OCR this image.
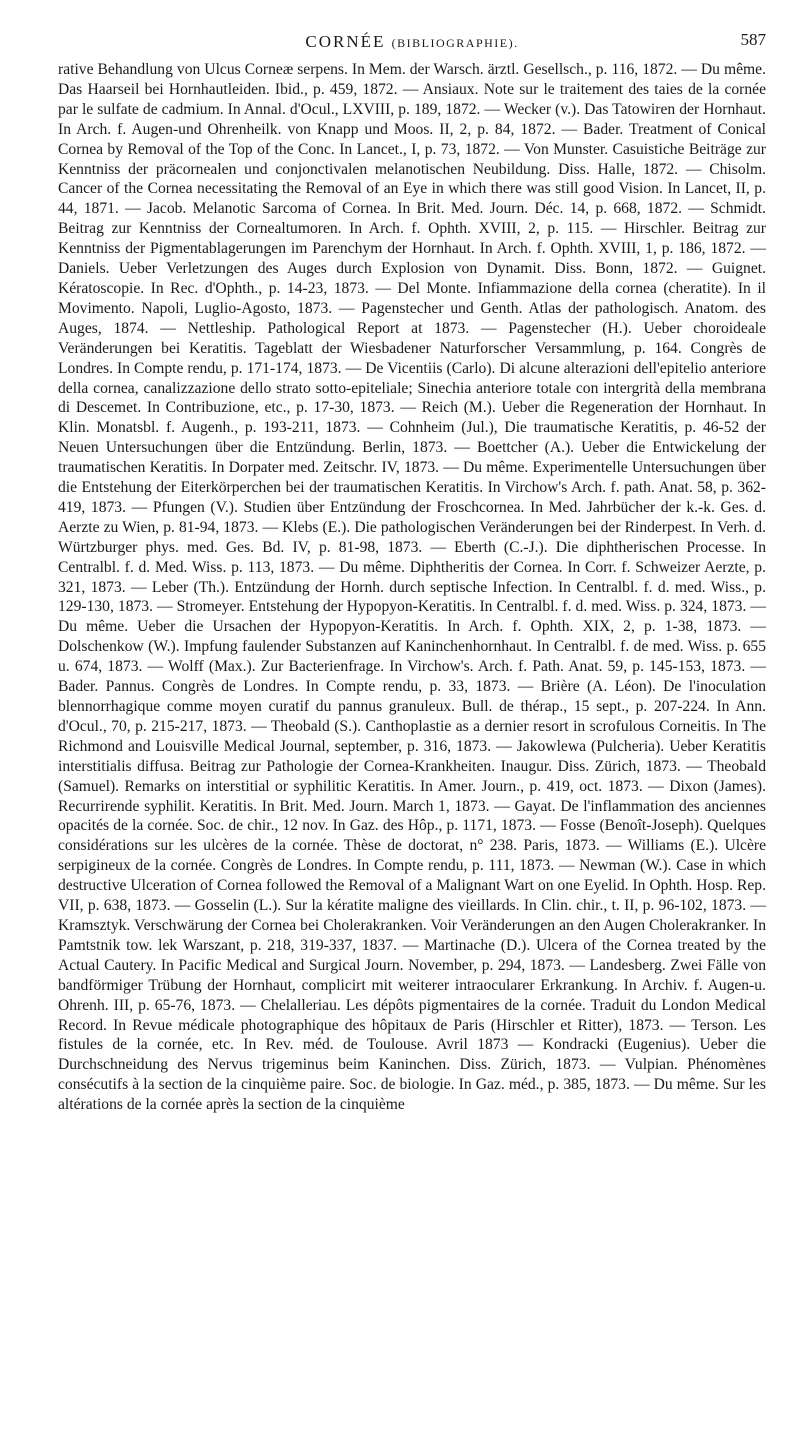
CORNÉE (BIBLIOGRAPHIE).	587

rative Behandlung von Ulcus Corneæ serpens. In Mem. der Warsch. ärztl. Gesellsch., p. 116, 1872. — Du même. Das Haarseil bei Hornhautleiden. Ibid., p. 459, 1872. — Ansiaux. Note sur le traitement des taies de la cornée par le sulfate de cadmium. In Annal. d'Ocul., LXVIII, p. 189, 1872. — Wecker (v.). Das Tatowiren der Hornhaut. In Arch. f. Augen-und Ohrenheilk. von Knapp und Moos. II, 2, p. 84, 1872. — Bader. Treatment of Conical Cornea by Removal of the Top of the Conc. In Lancet., I, p. 73, 1872. — Von Munster. Casuistiche Beiträge zur Kenntniss der präcornealen und conjonctivalen melanotischen Neubildung. Diss. Halle, 1872. — Chisolm. Cancer of the Cornea necessitating the Removal of an Eye in which there was still good Vision. In Lancet, II, p. 44, 1871. — Jacob. Melanotic Sarcoma of Cornea. In Brit. Med. Journ. Déc. 14, p. 668, 1872. — Schmidt. Beitrag zur Kenntniss der Cornealtumoren. In Arch. f. Ophth. XVIII, 2, p. 115. — Hirschler. Beitrag zur Kenntniss der Pigmentablagerungen im Parenchym der Hornhaut. In Arch. f. Ophth. XVIII, 1, p. 186, 1872. — Daniels. Ueber Verletzungen des Auges durch Explosion von Dynamit. Diss. Bonn, 1872. — Guignet. Kératoscopie. In Rec. d'Ophth., p. 14-23, 1873. — Del Monte. Infiammazione della cornea (cheratite). In il Movimento. Napoli, Luglio-Agosto, 1873. — Pagenstecher und Genth. Atlas der pathologisch. Anatom. des Auges, 1874. — Nettleship. Pathological Report at 1873. — Pagenstecher (H.). Ueber choroideale Veränderungen bei Keratitis. Tageblatt der Wiesbadener Naturforscher Versammlung, p. 164. Congrès de Londres. In Compte rendu, p. 171-174, 1873. — De Vicentiis (Carlo). Di alcune alterazioni dell'epitelio anteriore della cornea, canalizzazione dello strato sotto-epiteliale; Sinechia anteriore totale con intergrità della membrana di Descemet. In Contribuzione, etc., p. 17-30, 1873. — Reich (M.). Ueber die Regeneration der Hornhaut. In Klin. Monatsbl. f. Augenh., p. 193-211, 1873. — Cohnheim (Jul.), Die traumatische Keratitis, p. 46-52 der Neuen Untersuchungen über die Entzündung. Berlin, 1873. — Boettcher (A.). Ueber die Entwickelung der traumatischen Keratitis. In Dorpater med. Zeitschr. IV, 1873. — Du même. Experimentelle Untersuchungen über die Entstehung der Eiterkörperchen bei der traumatischen Keratitis. In Virchow's Arch. f. path. Anat. 58, p. 362-419, 1873. — Pfungen (V.). Studien über Entzündung der Froschcornea. In Med. Jahrbücher der k.-k. Ges. d. Aerzte zu Wien, p. 81-94, 1873. — Klebs (E.). Die pathologischen Veränderungen bei der Rinderpest. In Verh. d. Würtzburger phys. med. Ges. Bd. IV, p. 81-98, 1873. — Eberth (C.-J.). Die diphtherischen Processe. In Centralbl. f. d. Med. Wiss. p. 113, 1873. — Du même. Diphtheritis der Cornea. In Corr. f. Schweizer Aerzte, p. 321, 1873. — Leber (Th.). Entzündung der Hornh. durch septische Infection. In Centralbl. f. d. med. Wiss., p. 129-130, 1873. — Stromeyer. Entstehung der Hypopyon-Keratitis. In Centralbl. f. d. med. Wiss. p. 324, 1873. — Du même. Ueber die Ursachen der Hypopyon-Keratitis. In Arch. f. Ophth. XIX, 2, p. 1-38, 1873. — Dolschenkow (W.). Impfung faulender Substanzen auf Kaninchenhornhaut. In Centralbl. f. de med. Wiss. p. 655 u. 674, 1873. — Wolff (Max.). Zur Bacterienfrage. In Virchow's. Arch. f. Path. Anat. 59, p. 145-153, 1873. — Bader. Pannus. Congrès de Londres. In Compte rendu, p. 33, 1873. — Brière (A. Léon). De l'inoculation blennorrhagique comme moyen curatif du pannus granuleux. Bull. de thérap., 15 sept., p. 207-224. In Ann. d'Ocul., 70, p. 215-217, 1873. — Theobald (S.). Canthoplastie as a dernier resort in scrofulous Corneitis. In The Richmond and Louisville Medical Journal, september, p. 316, 1873. — Jakowlewa (Pulcheria). Ueber Keratitis interstitialis diffusa. Beitrag zur Pathologie der Cornea-Krankheiten. Inaugur. Diss. Zürich, 1873. — Theobald (Samuel). Remarks on interstitial or syphilitic Keratitis. In Amer. Journ., p. 419, oct. 1873. — Dixon (James). Recurrirende syphilit. Keratitis. In Brit. Med. Journ. March 1, 1873. — Gayat. De l'inflammation des anciennes opacités de la cornée. Soc. de chir., 12 nov. In Gaz. des Hôp., p. 1171, 1873. — Fosse (Benoît-Joseph). Quelques considérations sur les ulcères de la cornée. Thèse de doctorat, n° 238. Paris, 1873. — Williams (E.). Ulcère serpigineux de la cornée. Congrès de Londres. In Compte rendu, p. 111, 1873. — Newman (W.). Case in which destructive Ulceration of Cornea followed the Removal of a Malignant Wart on one Eyelid. In Ophth. Hosp. Rep. VII, p. 638, 1873. — Gosselin (L.). Sur la kératite maligne des vieillards. In Clin. chir., t. II, p. 96-102, 1873. — Kramsztyk. Verschwärung der Cornea bei Cholerakranken. Voir Veränderungen an den Augen Cholerakranker. In Pamtstnik tow. lek Warszant, p. 218, 319-337, 1837. — Martinache (D.). Ulcera of the Cornea treated by the Actual Cautery. In Pacific Medical and Surgical Journ. November, p. 294, 1873. — Landesberg. Zwei Fälle von bandförmiger Trübung der Hornhaut, complicirt mit weiterer intraocularer Erkrankung. In Archiv. f. Augen-u. Ohrenh. III, p. 65-76, 1873. — Chelalleriau. Les dépôts pigmentaires de la cornée. Traduit du London Medical Record. In Revue médicale photographique des hôpitaux de Paris (Hirschler et Ritter), 1873. — Terson. Les fistules de la cornée, etc. In Rev. méd. de Toulouse. Avril 1873 — Kondracki (Eugenius). Ueber die Durchschneidung des Nervus trigeminus beim Kaninchen. Diss. Zürich, 1873. — Vulpian. Phénomènes consécutifs à la section de la cinquième paire. Soc. de biologie. In Gaz. méd., p. 385, 1873. — Du même. Sur les altérations de la cornée après la section de la cinquième
